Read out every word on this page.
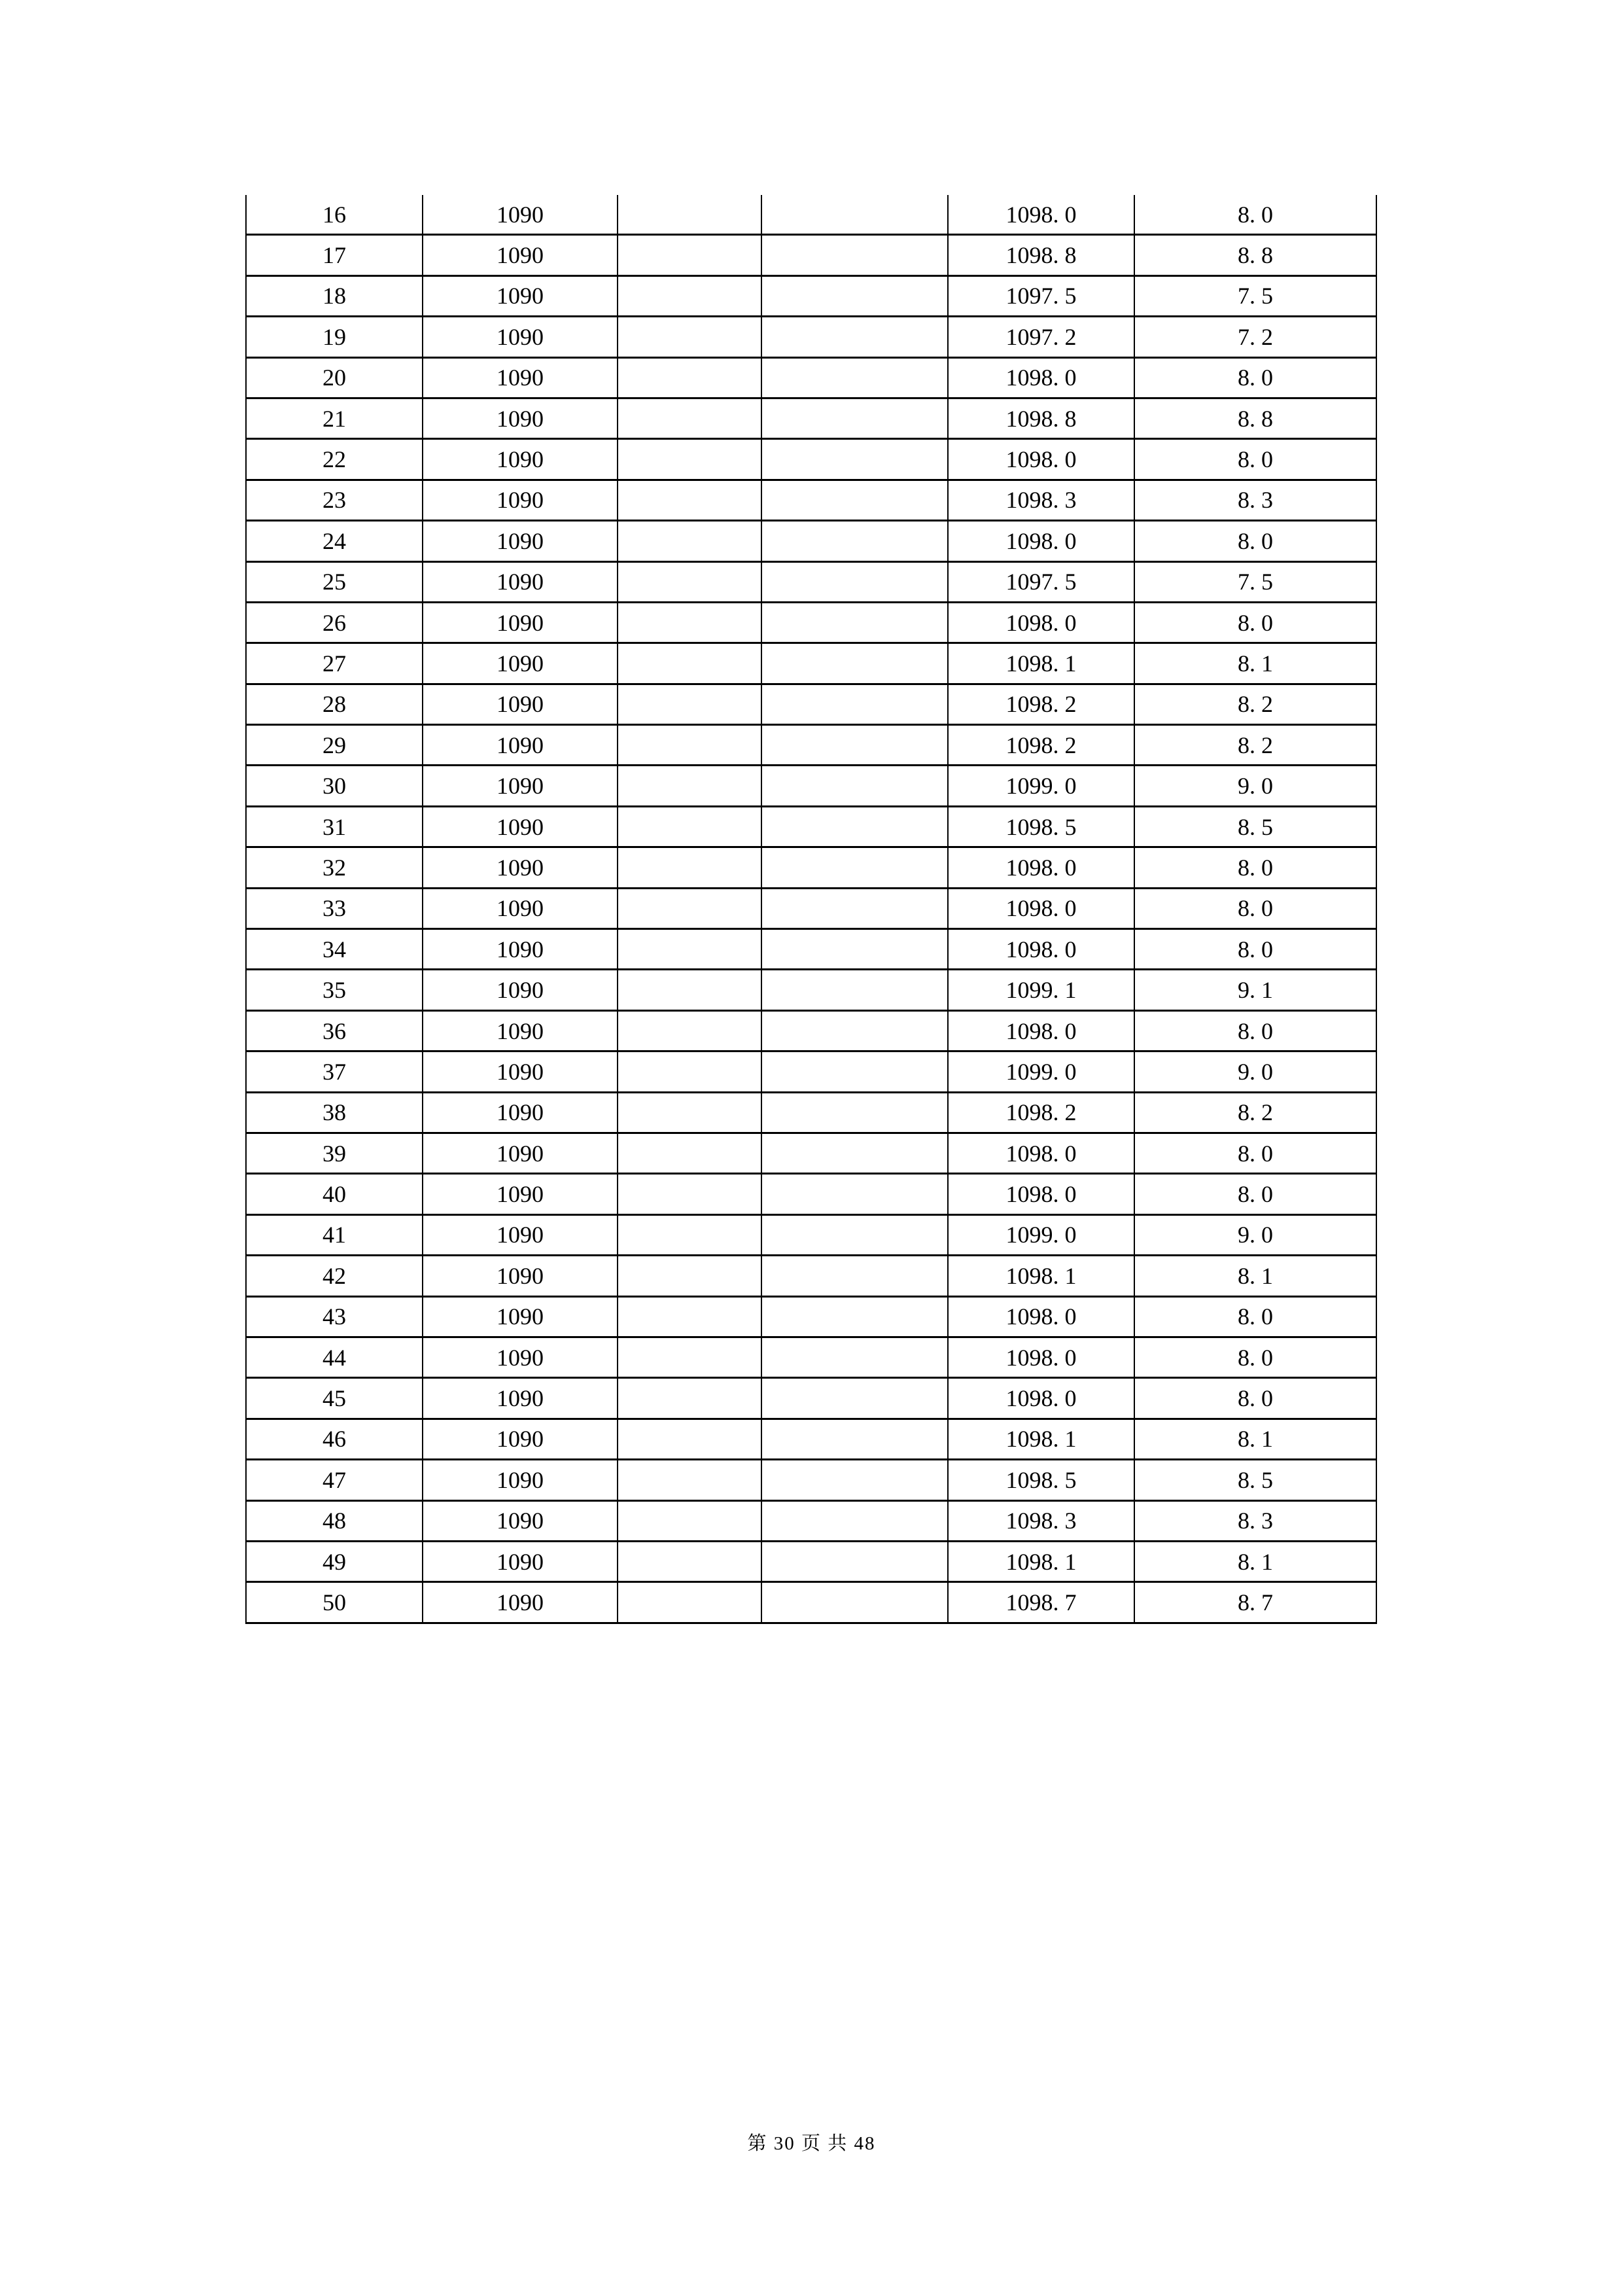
16	1090			1098. 0	8. 0
17	1090			1098. 8	8. 8
18	1090			1097. 5	7. 5
19	1090			1097. 2	7. 2
20	1090			1098. 0	8. 0
21	1090			1098. 8	8. 8
22	1090			1098. 0	8. 0
23	1090			1098. 3	8. 3
24	1090			1098. 0	8. 0
25	1090			1097. 5	7. 5
26	1090			1098. 0	8. 0
27	1090			1098. 1	8. 1
28	1090			1098. 2	8. 2
29	1090			1098. 2	8. 2
30	1090			1099. 0	9. 0
31	1090			1098. 5	8. 5
32	1090			1098. 0	8. 0
33	1090			1098. 0	8. 0
34	1090			1098. 0	8. 0
35	1090			1099. 1	9. 1
36	1090			1098. 0	8. 0
37	1090			1099. 0	9. 0
38	1090			1098. 2	8. 2
39	1090			1098. 0	8. 0
40	1090			1098. 0	8. 0
41	1090			1099. 0	9. 0
42	1090			1098. 1	8. 1
43	1090			1098. 0	8. 0
44	1090			1098. 0	8. 0
45	1090			1098. 0	8. 0
46	1090			1098. 1	8. 1
47	1090			1098. 5	8. 5
48	1090			1098. 3	8. 3
49	1090			1098. 1	8. 1
50	1090			1098. 7	8. 7
第 30 页 共 48
